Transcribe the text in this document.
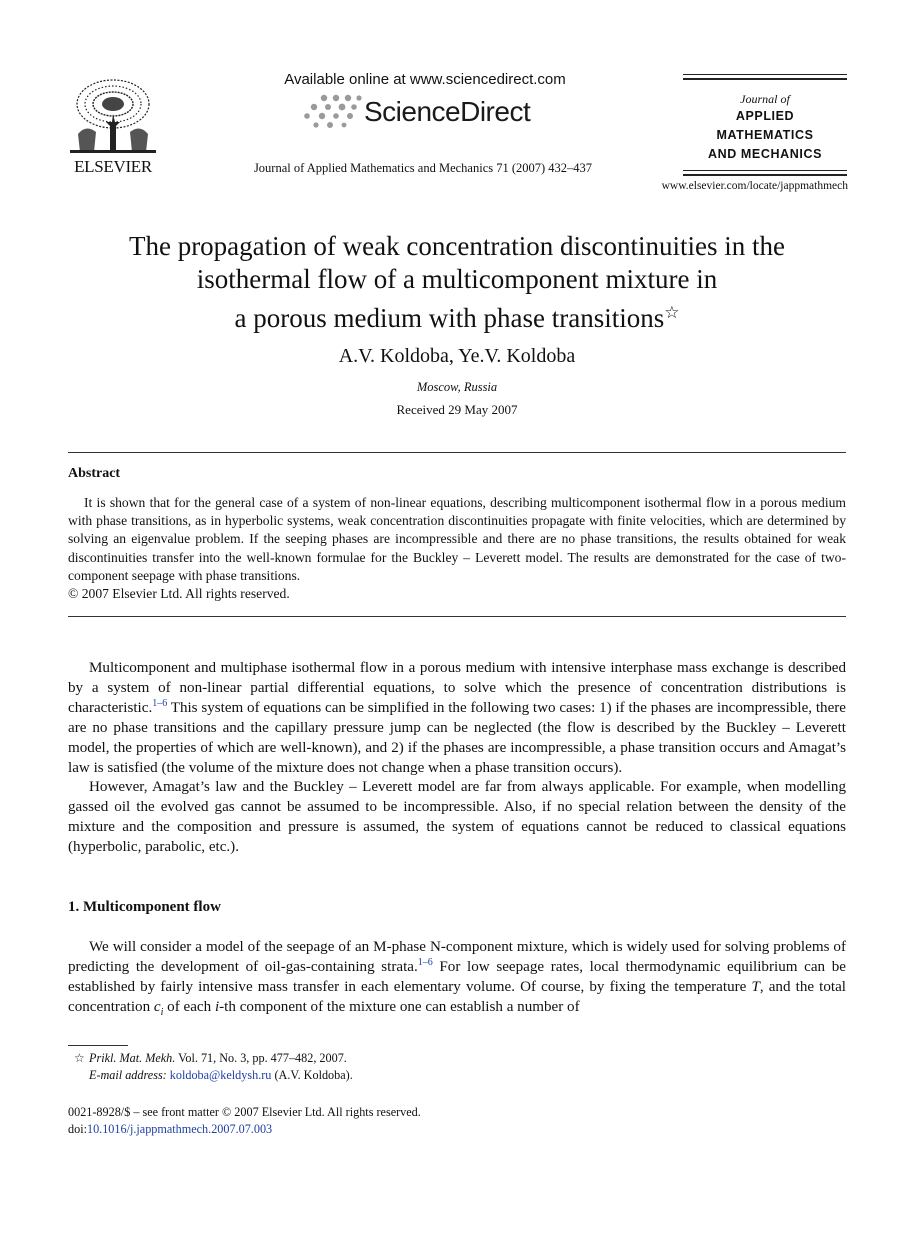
ELSEVIER
Available online at www.sciencedirect.com
ScienceDirect
Journal of Applied Mathematics and Mechanics 71 (2007) 432–437
Journal of
APPLIED
MATHEMATICS
AND MECHANICS
www.elsevier.com/locate/jappmathmech
The propagation of weak concentration discontinuities in the
isothermal flow of a multicomponent mixture in
a porous medium with phase transitions☆
A.V. Koldoba, Ye.V. Koldoba
Moscow, Russia
Received 29 May 2007
Abstract

It is shown that for the general case of a system of non-linear equations, describing multicomponent isothermal flow in a porous medium with phase transitions, as in hyperbolic systems, weak concentration discontinuities propagate with finite velocities, which are determined by solving an eigenvalue problem. If the seeping phases are incompressible and there are no phase transitions, the results obtained for weak discontinuities transfer into the well-known formulae for the Buckley – Leverett model. The results are demonstrated for the case of two-component seepage with phase transitions.

© 2007 Elsevier Ltd. All rights reserved.

Multicomponent and multiphase isothermal flow in a porous medium with intensive interphase mass exchange is described by a system of non-linear partial differential equations, to solve which the presence of concentration distributions is characteristic.$^{1-6}$ This system of equations can be simplified in the following two cases: 1) if the phases are incompressible, there are no phase transitions and the capillary pressure jump can be neglected (the flow is described by the Buckley – Leverett model, the properties of which are well-known), and 2) if the phases are incompressible, a phase transition occurs and Amagat’s law is satisfied (the volume of the mixture does not change when a phase transition occurs).

However, Amagat’s law and the Buckley – Leverett model are far from always applicable. For example, when modelling gassed oil the evolved gas cannot be assumed to be incompressible. Also, if no special relation between the density of the mixture and the composition and pressure is assumed, the system of equations cannot be reduced to classical equations (hyperbolic, parabolic, etc.).

1. Multicomponent flow

We will consider a model of the seepage of an M-phase N-component mixture, which is widely used for solving problems of predicting the development of oil-gas-containing strata.$^{1-6}$ For low seepage rates, local thermodynamic equilibrium can be established by fairly intensive mass transfer in each elementary volume. Of course, by fixing the temperature T, and the total concentration $c_i$ of each i-th component of the mixture one can establish a number of

☆ Prikl. Mat. Mekh. Vol. 71, No. 3, pp. 477–482, 2007.
E-mail address: koldoba@keldysh.ru (A.V. Koldoba).
0021-8928/$ – see front matter © 2007 Elsevier Ltd. All rights reserved.
doi:10.1016/j.jappmathmech.2007.07.003
